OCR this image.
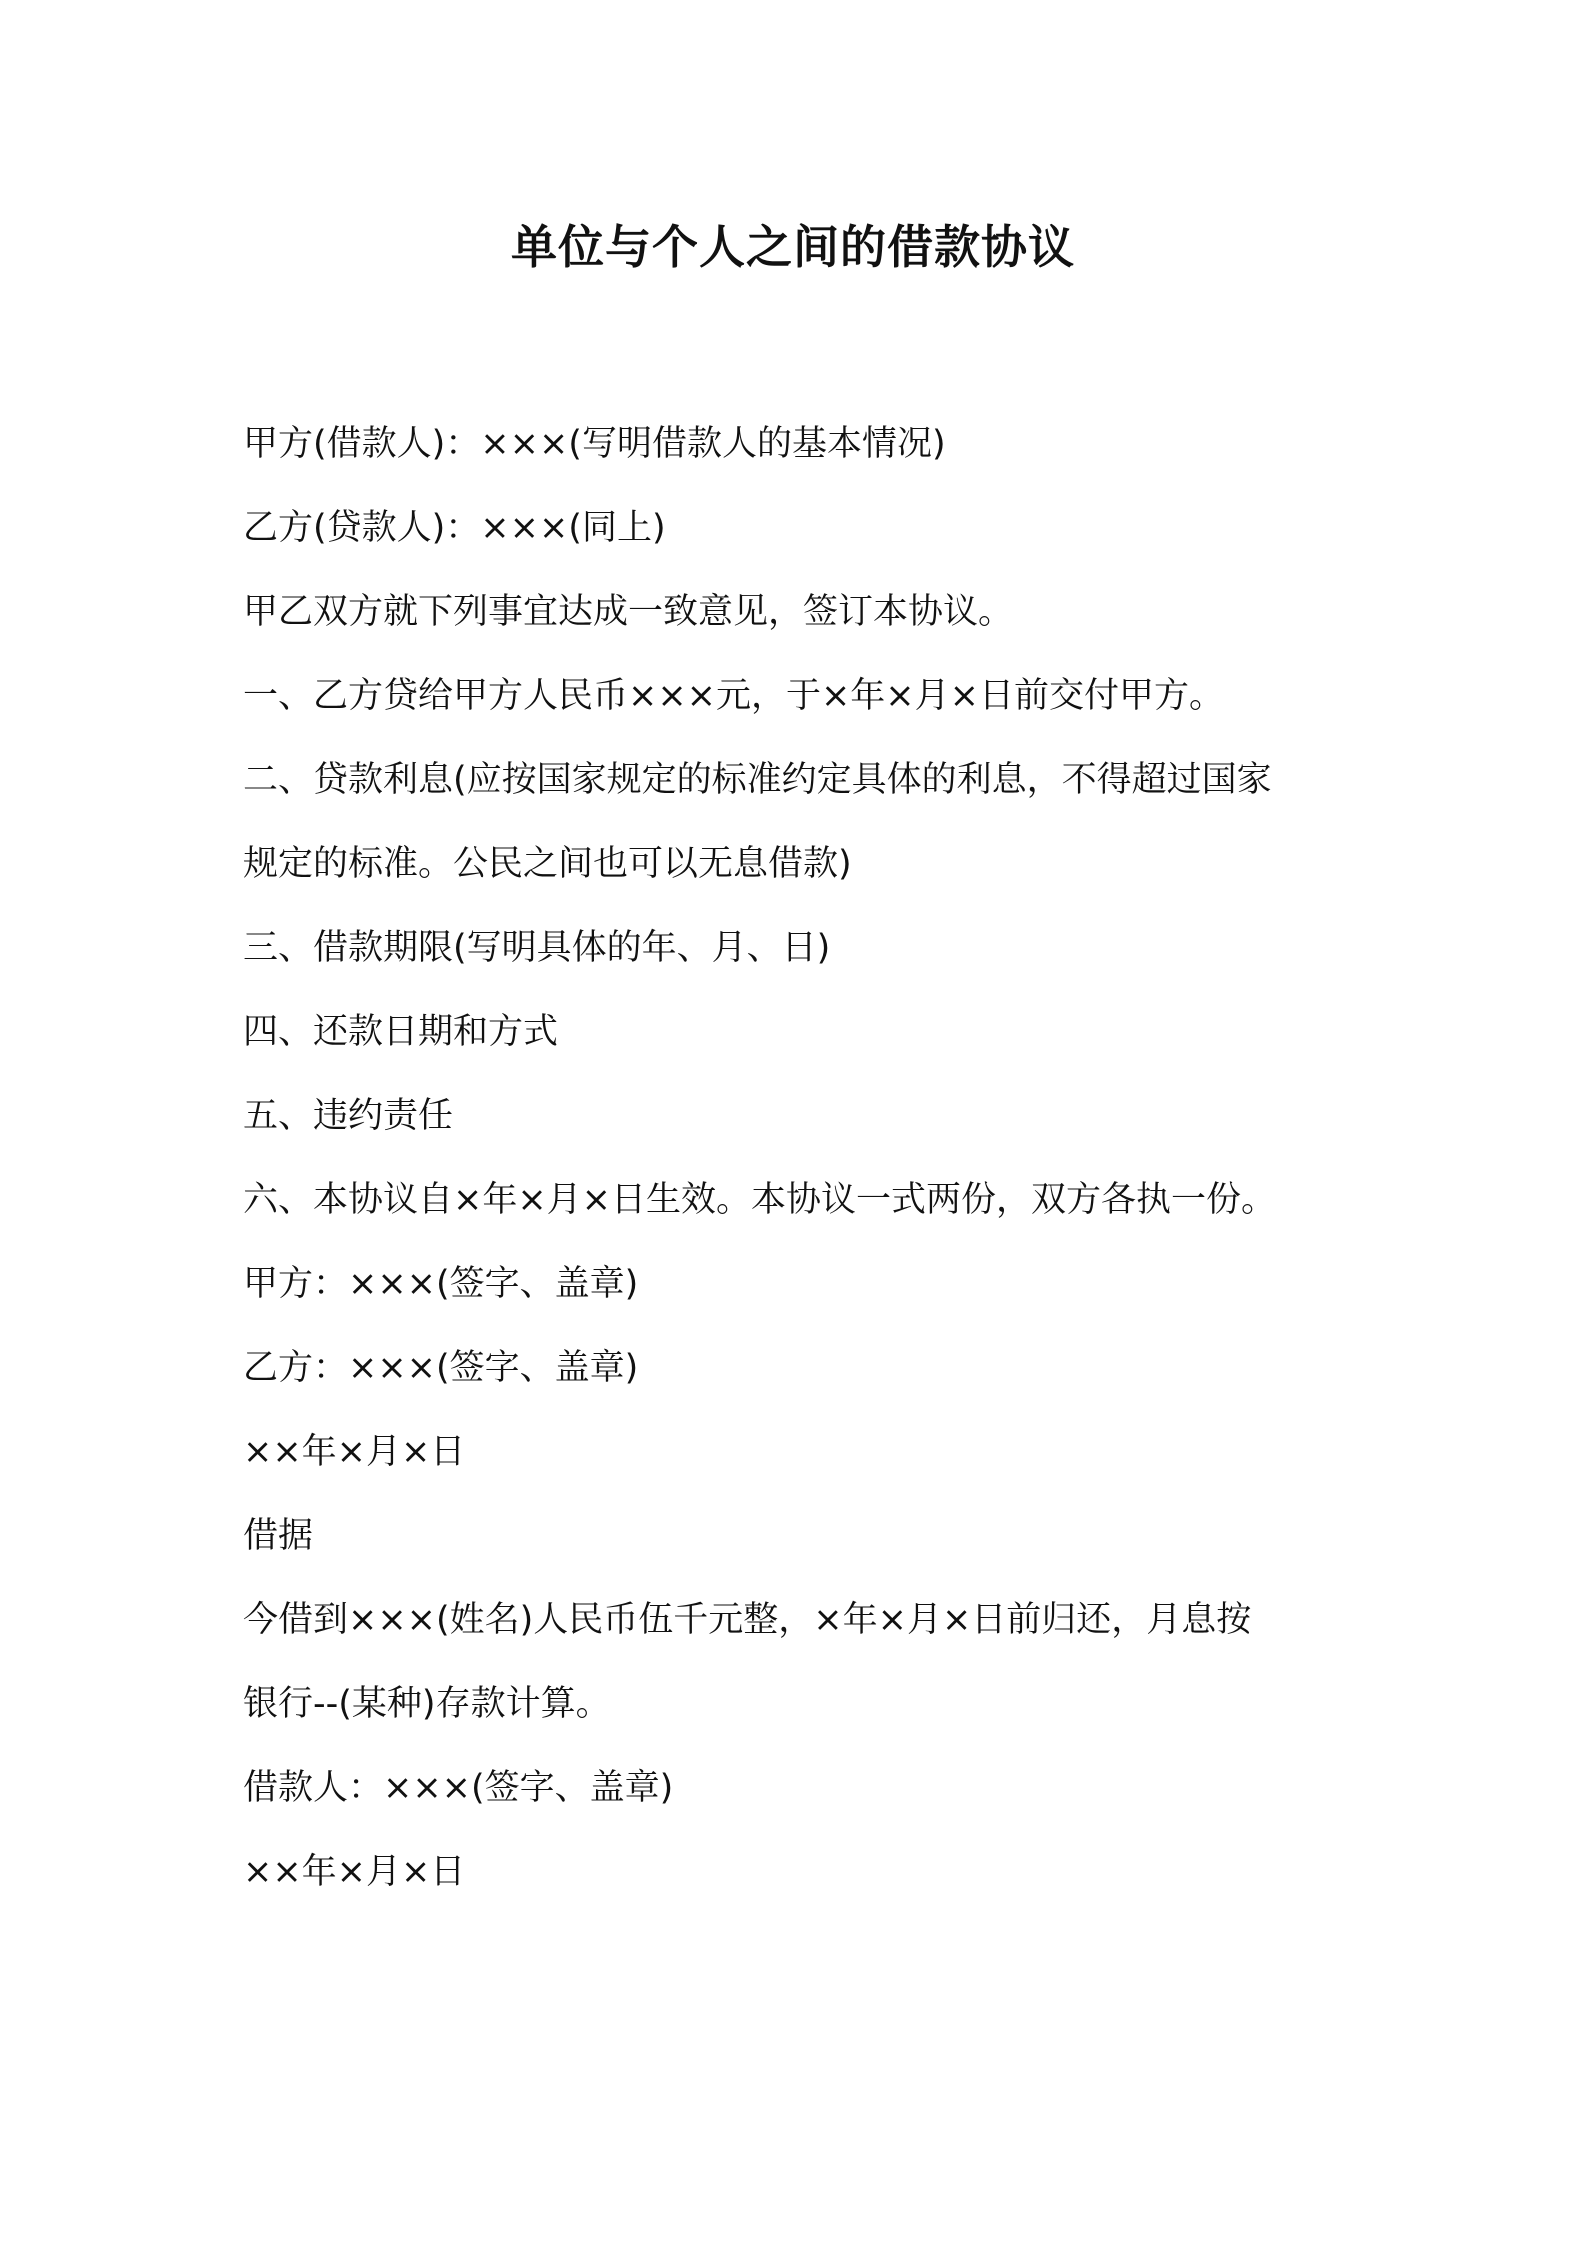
单位与个人之间的借款协议
甲方(借款人)：×××(写明借款人的基本情况)
乙方(贷款人)：×××(同上)
甲乙双方就下列事宜达成一致意见，签订本协议。
一、乙方贷给甲方人民币×××元，于×年×月×日前交付甲方。
二、贷款利息(应按国家规定的标准约定具体的利息，不得超过国家
规定的标准。公民之间也可以无息借款)
三、借款期限(写明具体的年、月、日)
四、还款日期和方式
五、违约责任
六、本协议自×年×月×日生效。本协议一式两份，双方各执一份。
甲方：×××(签字、盖章)
乙方：×××(签字、盖章)
××年×月×日
借据
今借到×××(姓名)人民币伍千元整，×年×月×日前归还，月息按
银行--(某种)存款计算。
借款人：×××(签字、盖章)
××年×月×日
